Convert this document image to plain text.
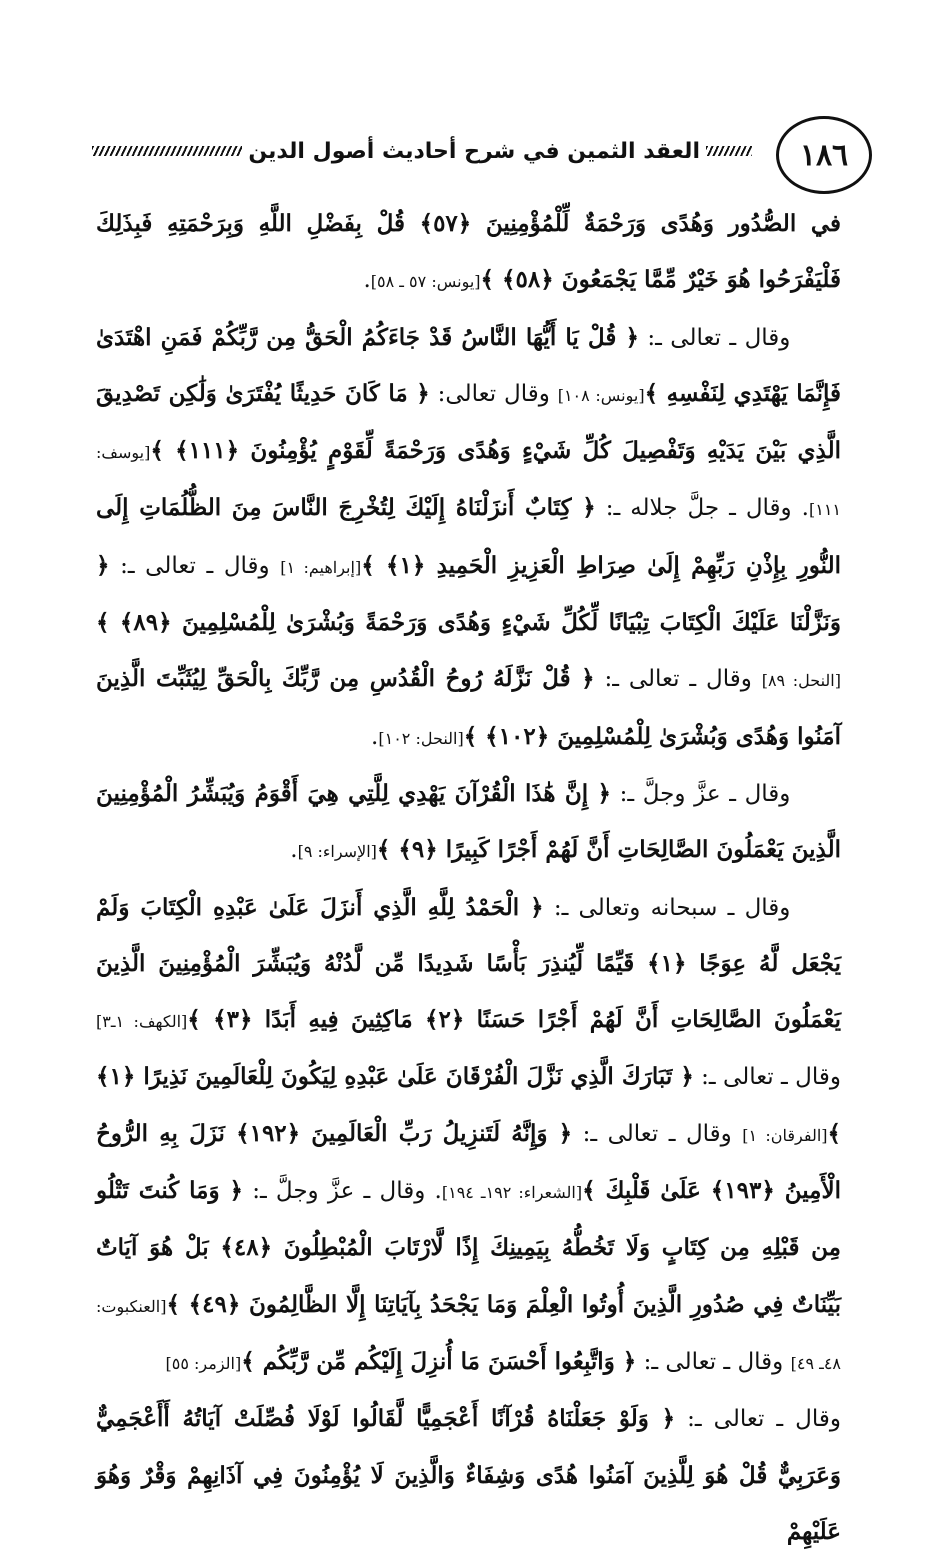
١٨٦
العقد الثمين في شرح أحاديث أصول الدين

في الصُّدُور وَهُدًى وَرَحْمَةٌ لِّلْمُؤْمِنِينَ ﴿٥٧﴾ قُلْ بِفَضْلِ اللَّهِ وَبِرَحْمَتِهِ فَبِذَلِكَ فَلْيَفْرَحُوا هُوَ خَيْرٌ مِّمَّا يَجْمَعُونَ ﴿٥٨﴾ ﴾[يونس: ٥٧ ـ ٥٨].

وقال ـ تعالى ـ: ﴿ قُلْ يَا أَيُّهَا النَّاسُ قَدْ جَاءَكُمُ الْحَقُّ مِن رَّبِّكُمْ فَمَنِ اهْتَدَىٰ فَإِنَّمَا يَهْتَدِي لِنَفْسِهِ ﴾[يونس: ١٠٨] وقال تعالى: ﴿ مَا كَانَ حَدِيثًا يُفْتَرَىٰ وَلَٰكِن تَصْدِيقَ الَّذِي بَيْنَ يَدَيْهِ وَتَفْصِيلَ كُلِّ شَيْءٍ وَهُدًى وَرَحْمَةً لِّقَوْمٍ يُؤْمِنُونَ ﴿١١١﴾ ﴾[يوسف: ١١١]. وقال ـ جلَّ جلاله ـ: ﴿ كِتَابٌ أَنزَلْنَاهُ إِلَيْكَ لِتُخْرِجَ النَّاسَ مِنَ الظُّلُمَاتِ إِلَى النُّورِ بِإِذْنِ رَبِّهِمْ إِلَىٰ صِرَاطِ الْعَزِيزِ الْحَمِيدِ ﴿١﴾ ﴾[إبراهيم: ١] وقال ـ تعالى ـ: ﴿ وَنَزَّلْنَا عَلَيْكَ الْكِتَابَ تِبْيَانًا لِّكُلِّ شَيْءٍ وَهُدًى وَرَحْمَةً وَبُشْرَىٰ لِلْمُسْلِمِينَ ﴿٨٩﴾ ﴾[النحل: ٨٩] وقال ـ تعالى ـ: ﴿ قُلْ نَزَّلَهُ رُوحُ الْقُدُسِ مِن رَّبِّكَ بِالْحَقِّ لِيُثَبِّتَ الَّذِينَ آمَنُوا وَهُدًى وَبُشْرَىٰ لِلْمُسْلِمِينَ ﴿١٠٢﴾ ﴾[النحل: ١٠٢].

وقال ـ عزَّ وجلَّ ـ: ﴿ إِنَّ هَٰذَا الْقُرْآنَ يَهْدِي لِلَّتِي هِيَ أَقْوَمُ وَيُبَشِّرُ الْمُؤْمِنِينَ الَّذِينَ يَعْمَلُونَ الصَّالِحَاتِ أَنَّ لَهُمْ أَجْرًا كَبِيرًا ﴿٩﴾ ﴾[الإسراء: ٩].

وقال ـ سبحانه وتعالى ـ: ﴿ الْحَمْدُ لِلَّهِ الَّذِي أَنزَلَ عَلَىٰ عَبْدِهِ الْكِتَابَ وَلَمْ يَجْعَل لَّهُ عِوَجًا ﴿١﴾ قَيِّمًا لِّيُنذِرَ بَأْسًا شَدِيدًا مِّن لَّدُنْهُ وَيُبَشِّرَ الْمُؤْمِنِينَ الَّذِينَ يَعْمَلُونَ الصَّالِحَاتِ أَنَّ لَهُمْ أَجْرًا حَسَنًا ﴿٢﴾ مَاكِثِينَ فِيهِ أَبَدًا ﴿٣﴾ ﴾[الكهف: ١ـ٣] وقال ـ تعالى ـ: ﴿ تَبَارَكَ الَّذِي نَزَّلَ الْفُرْقَانَ عَلَىٰ عَبْدِهِ لِيَكُونَ لِلْعَالَمِينَ نَذِيرًا ﴿١﴾ ﴾[الفرقان: ١] وقال ـ تعالى ـ: ﴿ وَإِنَّهُ لَتَنزِيلُ رَبِّ الْعَالَمِينَ ﴿١٩٢﴾ نَزَلَ بِهِ الرُّوحُ الْأَمِينُ ﴿١٩٣﴾ عَلَىٰ قَلْبِكَ ﴾[الشعراء: ١٩٢ـ ١٩٤]. وقال ـ عزَّ وجلَّ ـ: ﴿ وَمَا كُنتَ تَتْلُو مِن قَبْلِهِ مِن كِتَابٍ وَلَا تَخُطُّهُ بِيَمِينِكَ إِذًا لَّارْتَابَ الْمُبْطِلُونَ ﴿٤٨﴾ بَلْ هُوَ آيَاتٌ بَيِّنَاتٌ فِي صُدُورِ الَّذِينَ أُوتُوا الْعِلْمَ وَمَا يَجْحَدُ بِآيَاتِنَا إِلَّا الظَّالِمُونَ ﴿٤٩﴾ ﴾[العنكبوت: ٤٨ـ ٤٩] وقال ـ تعالى ـ: ﴿ وَاتَّبِعُوا أَحْسَنَ مَا أُنزِلَ إِلَيْكُم مِّن رَّبِّكُم ﴾[الزمر: ٥٥]

وقال ـ تعالى ـ: ﴿ وَلَوْ جَعَلْنَاهُ قُرْآنًا أَعْجَمِيًّا لَّقَالُوا لَوْلَا فُصِّلَتْ آيَاتُهُ أَأَعْجَمِيٌّ وَعَرَبِيٌّ قُلْ هُوَ لِلَّذِينَ آمَنُوا هُدًى وَشِفَاءٌ وَالَّذِينَ لَا يُؤْمِنُونَ فِي آذَانِهِمْ وَقْرٌ وَهُوَ عَلَيْهِمْ
